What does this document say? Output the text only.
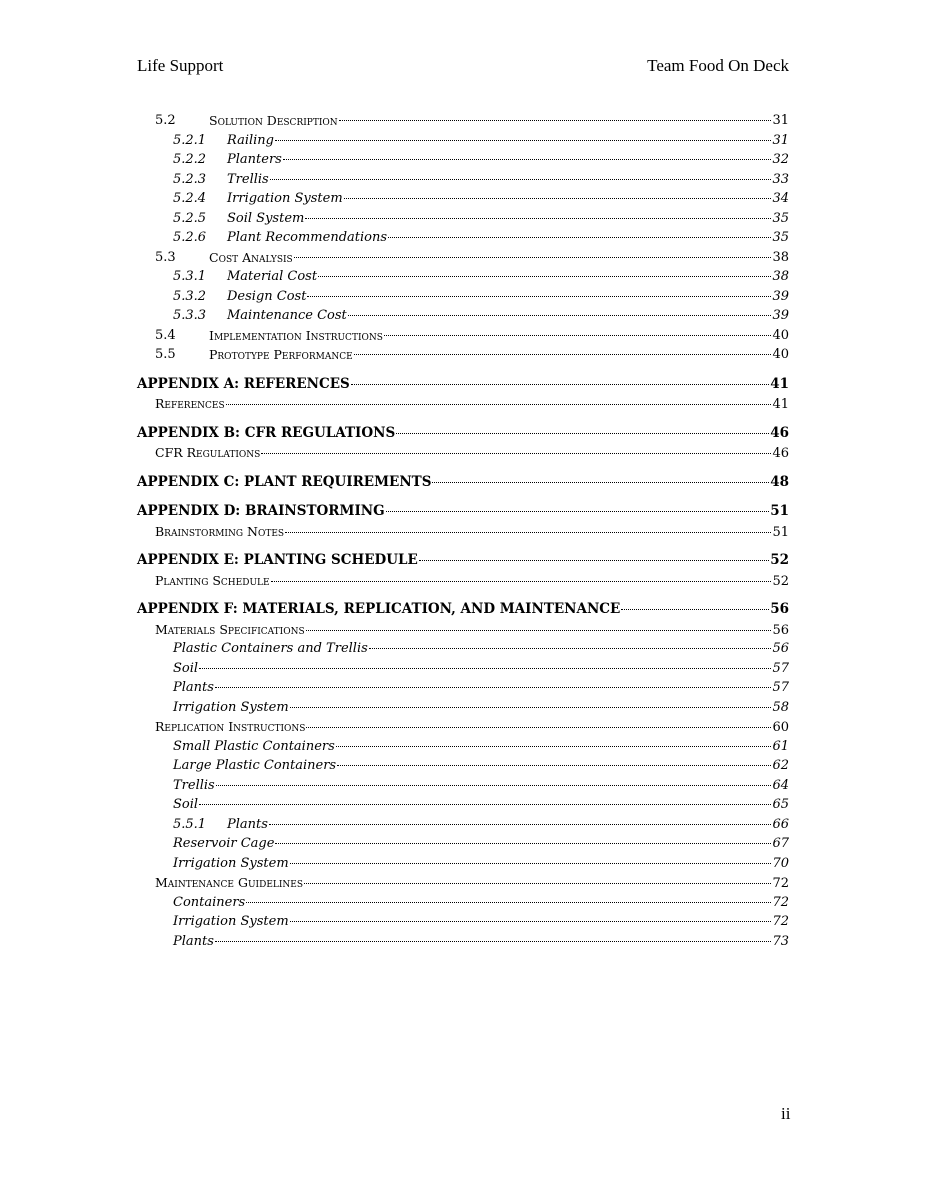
Life Support	Team Food On Deck
5.2	Solution Description	31
5.2.1	Railing	31
5.2.2	Planters	32
5.2.3	Trellis	33
5.2.4	Irrigation System	34
5.2.5	Soil System	35
5.2.6	Plant Recommendations	35
5.3	Cost Analysis	38
5.3.1	Material Cost	38
5.3.2	Design Cost	39
5.3.3	Maintenance Cost	39
5.4	Implementation Instructions	40
5.5	Prototype Performance	40
APPENDIX A: REFERENCES	41
References	41
APPENDIX B: CFR REGULATIONS	46
CFR Regulations	46
APPENDIX C: PLANT REQUIREMENTS	48
APPENDIX D: BRAINSTORMING	51
Brainstorming Notes	51
APPENDIX E: PLANTING SCHEDULE	52
Planting Schedule	52
APPENDIX F: MATERIALS, REPLICATION, AND MAINTENANCE	56
Materials Specifications	56
Plastic Containers and Trellis	56
Soil	57
Plants	57
Irrigation System	58
Replication Instructions	60
Small Plastic Containers	61
Large Plastic Containers	62
Trellis	64
Soil	65
5.5.1	Plants	66
Reservoir Cage	67
Irrigation System	70
Maintenance Guidelines	72
Containers	72
Irrigation System	72
Plants	73
ii
